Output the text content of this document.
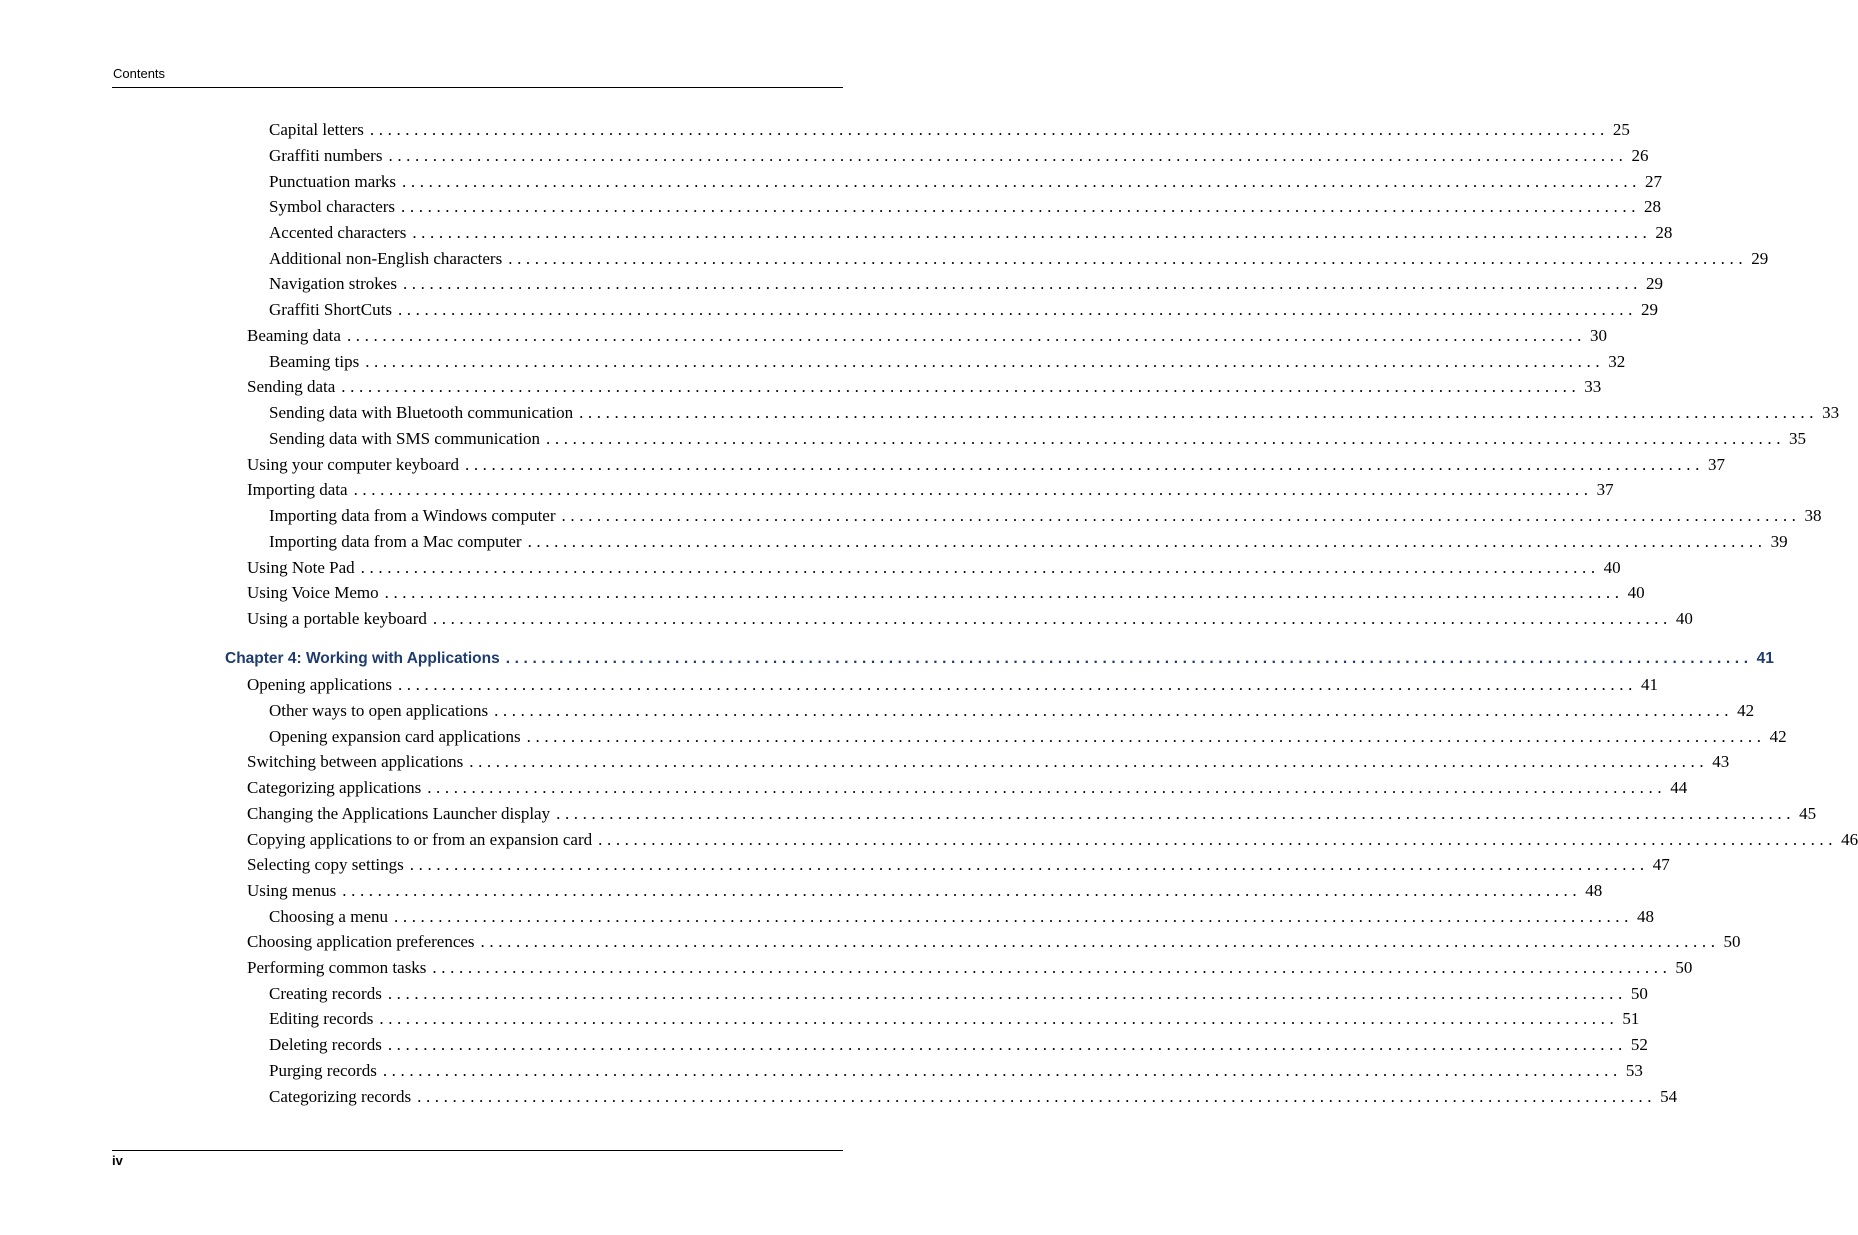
Contents
Capital letters ............................................................................................................................................ 25
Graffiti numbers ............................................................................................................................................ 26
Punctuation marks ............................................................................................................................................ 27
Symbol characters ............................................................................................................................................ 28
Accented characters ............................................................................................................................................ 28
Additional non-English characters ............................................................................................................................................ 29
Navigation strokes ............................................................................................................................................ 29
Graffiti ShortCuts ............................................................................................................................................ 29
Beaming data ............................................................................................................................................ 30
Beaming tips ............................................................................................................................................ 32
Sending data ............................................................................................................................................ 33
Sending data with Bluetooth communication ............................................................................................................................................ 33
Sending data with SMS communication ............................................................................................................................................ 35
Using your computer keyboard ............................................................................................................................................ 37
Importing data ............................................................................................................................................ 37
Importing data from a Windows computer ............................................................................................................................................ 38
Importing data from a Mac computer ............................................................................................................................................ 39
Using Note Pad ............................................................................................................................................ 40
Using Voice Memo ............................................................................................................................................ 40
Using a portable keyboard ............................................................................................................................................ 40
Chapter 4: Working with Applications ............................................................................................................................................ 41
Opening applications ............................................................................................................................................ 41
Other ways to open applications ............................................................................................................................................ 42
Opening expansion card applications ............................................................................................................................................ 42
Switching between applications ............................................................................................................................................ 43
Categorizing applications ............................................................................................................................................ 44
Changing the Applications Launcher display ............................................................................................................................................ 45
Copying applications to or from an expansion card ............................................................................................................................................ 46
Selecting copy settings ............................................................................................................................................ 47
Using menus ............................................................................................................................................ 48
Choosing a menu ............................................................................................................................................ 48
Choosing application preferences ............................................................................................................................................ 50
Performing common tasks ............................................................................................................................................ 50
Creating records ............................................................................................................................................ 50
Editing records ............................................................................................................................................ 51
Deleting records ............................................................................................................................................ 52
Purging records ............................................................................................................................................ 53
Categorizing records ............................................................................................................................................ 54
iv
